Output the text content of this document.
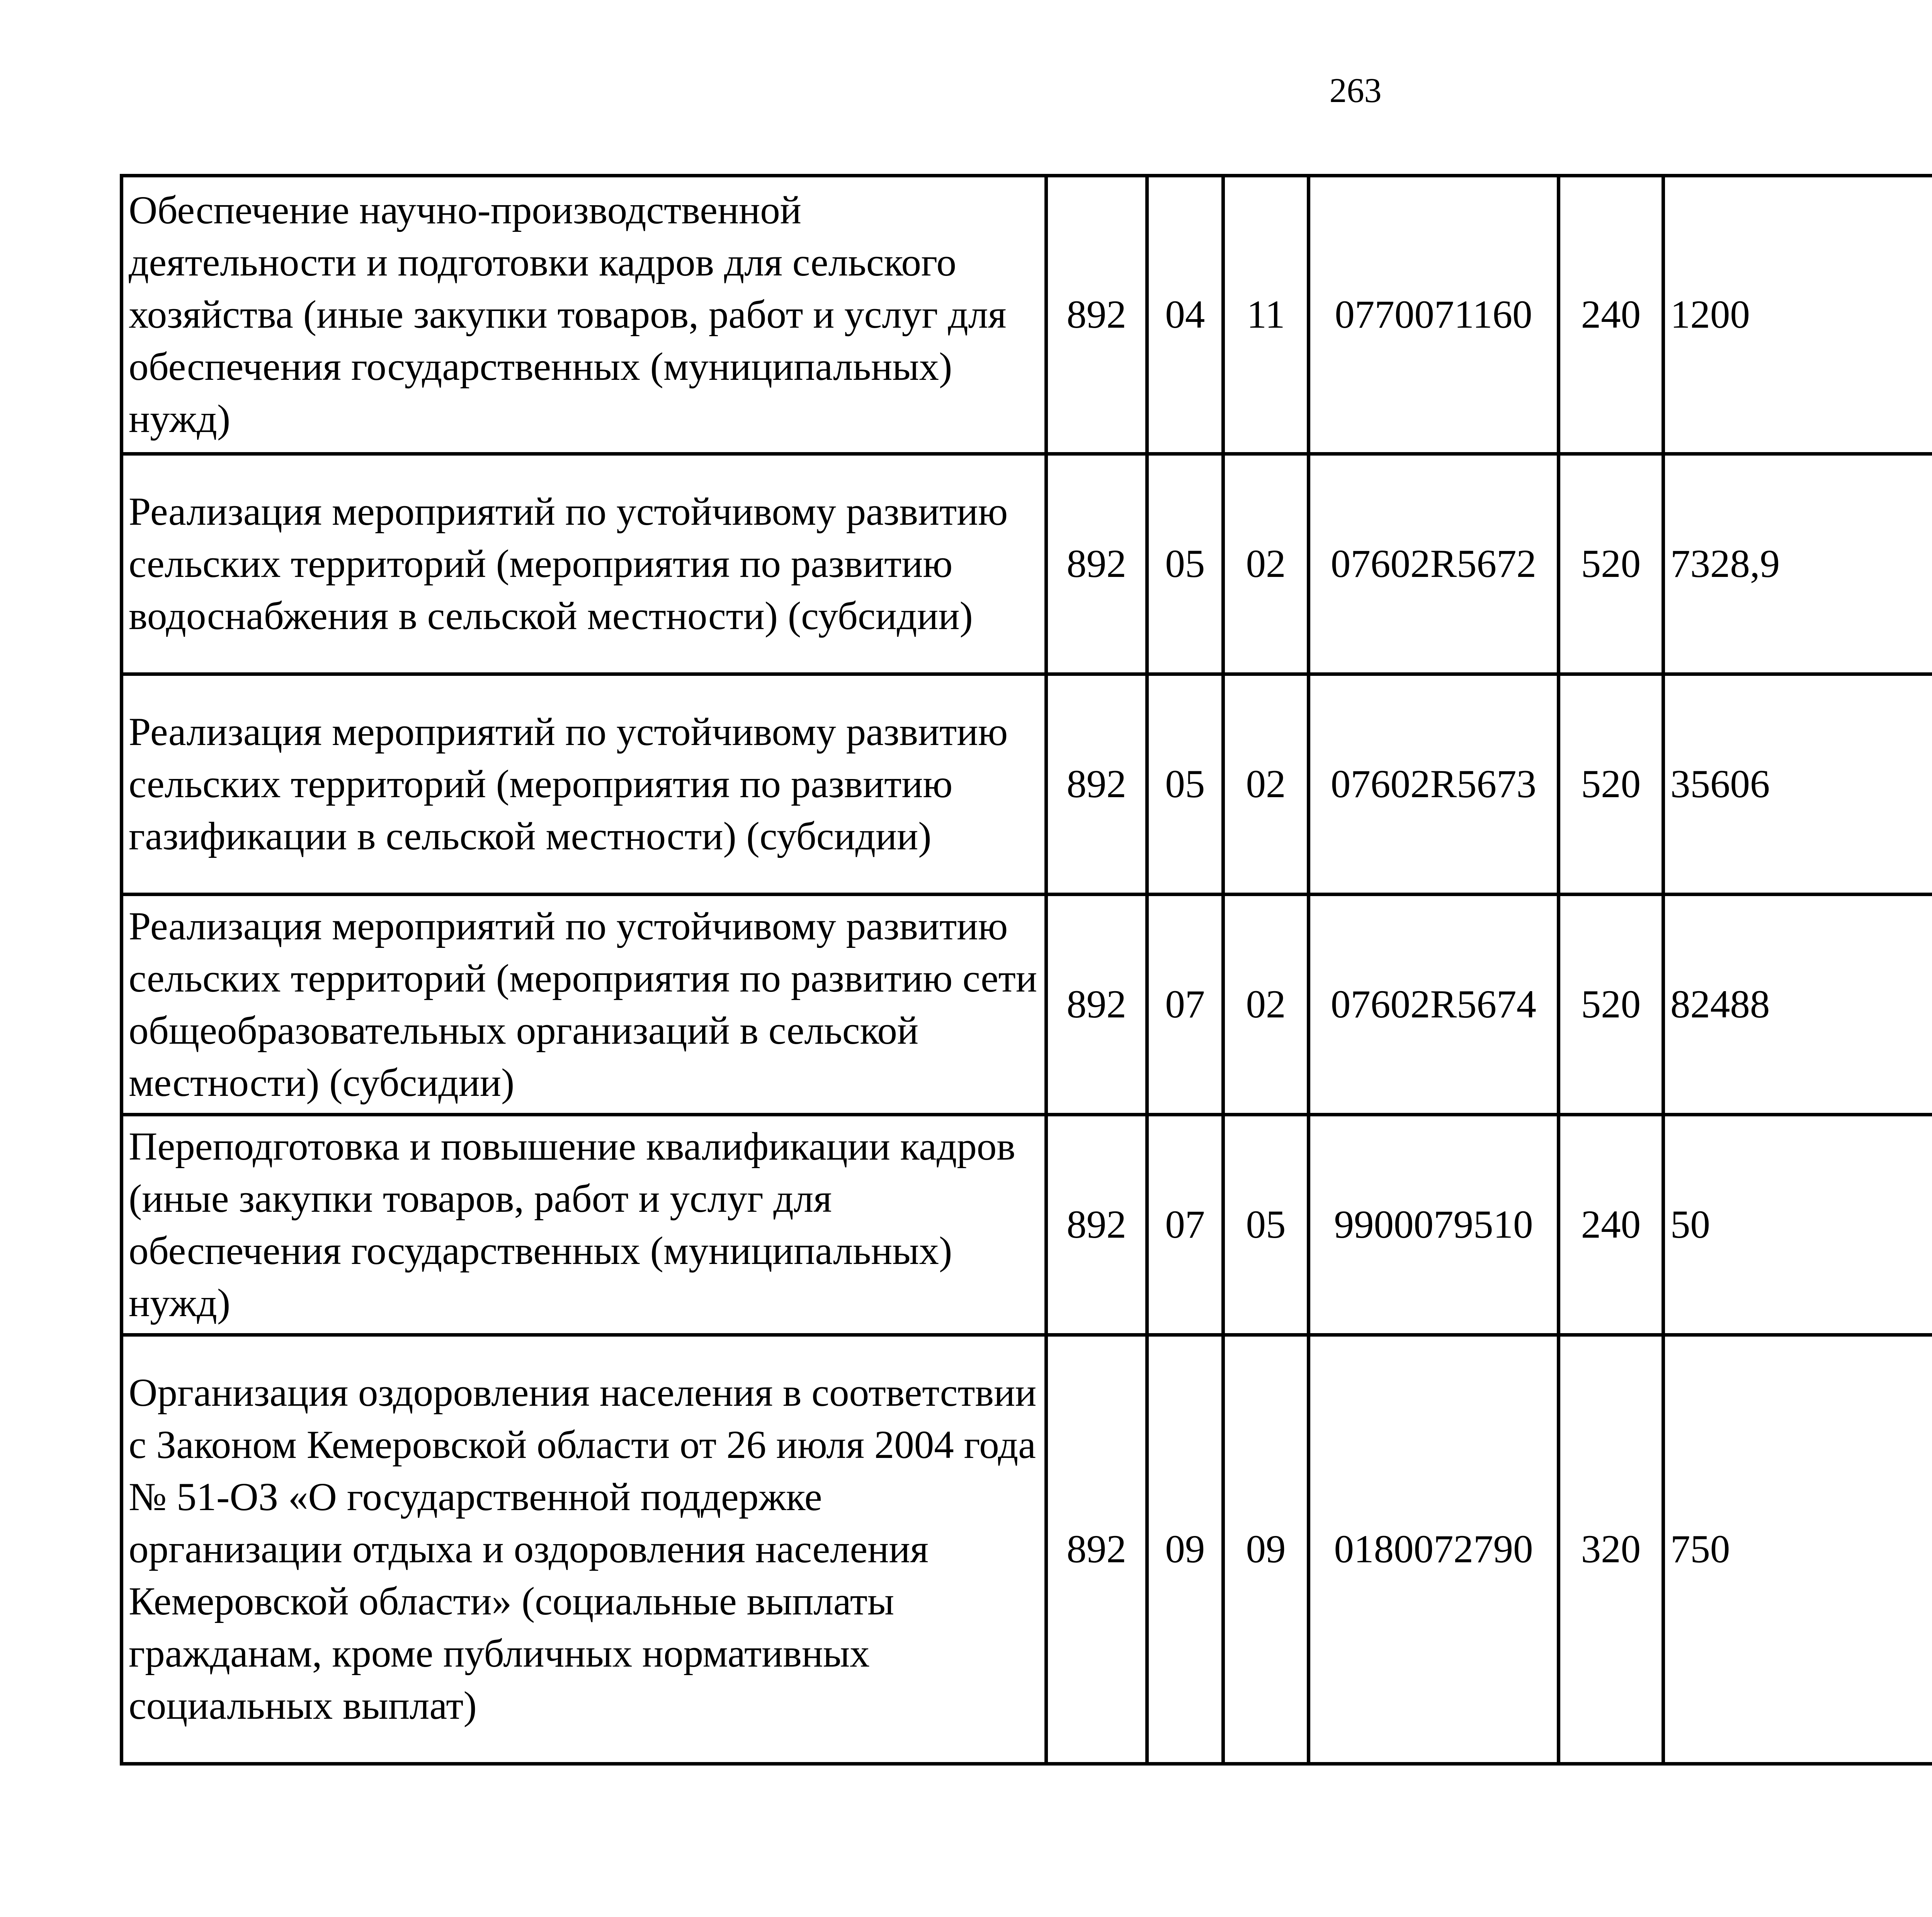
263
Обеспечение научно-производственной деятельности и подготовки кадров для сельского хозяйства (иные закупки товаров, работ и услуг для обеспечения государственных (муниципальных) нужд)	892	04	11	0770071160	240	1200		
Реализация мероприятий по устойчивому развитию сельских территорий (мероприятия по развитию водоснабжения в сельской местности) (субсидии)	892	05	02	07602R5672	520	7328,9		
Реализация мероприятий по устойчивому развитию сельских территорий (мероприятия по развитию газификации в сельской местности) (субсидии)	892	05	02	07602R5673	520	35606		
Реализация мероприятий по устойчивому развитию сельских территорий (мероприятия по развитию сети общеобразовательных организаций в сельской местности) (субсидии)	892	07	02	07602R5674	520	82488		
Переподготовка и повышение квалификации кадров (иные закупки товаров, работ и услуг для обеспечения государственных (муниципальных) нужд)	892	07	05	9900079510	240	50		
Организация оздоровления населения в соответствии с Законом Кемеровской области от 26 июля 2004 года № 51-ОЗ «О государственной поддержке организации отдыха и оздоровления населения Кемеровской области» (социальные выплаты гражданам, кроме публичных нормативных социальных выплат)	892	09	09	0180072790	320	750		
